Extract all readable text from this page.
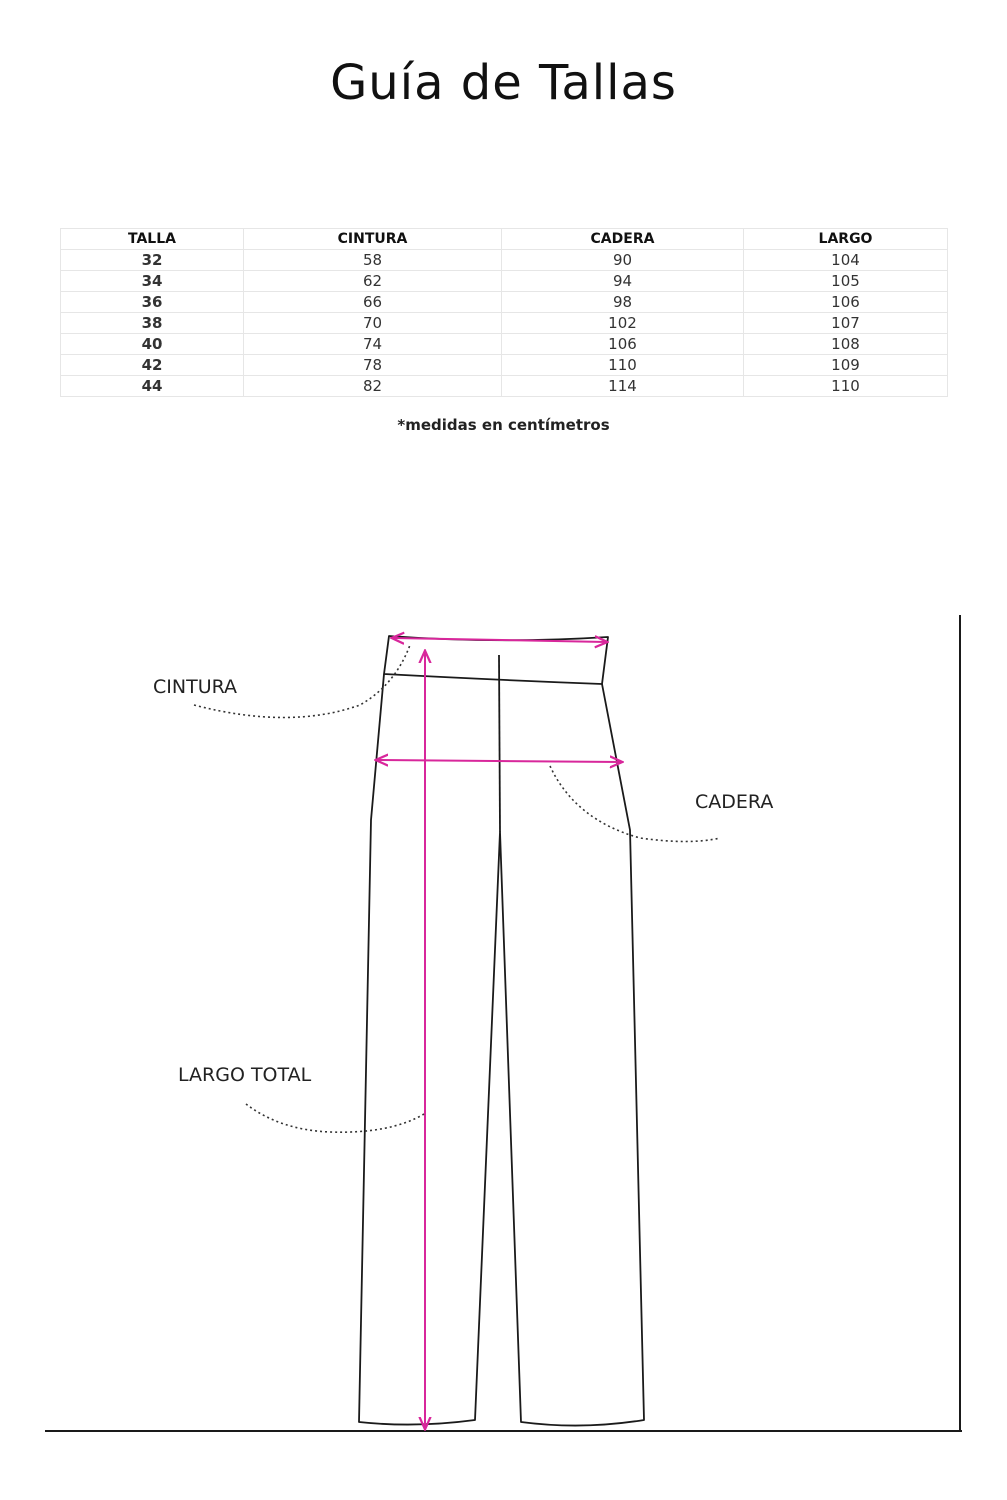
Guía de Tallas
TALLA	CINTURA	CADERA	LARGO
32	58	90	104
34	62	94	105
36	66	98	106
38	70	102	107
40	74	106	108
42	78	110	109
44	82	114	110
*medidas en centímetros
CINTURA
CADERA
LARGO TOTAL
